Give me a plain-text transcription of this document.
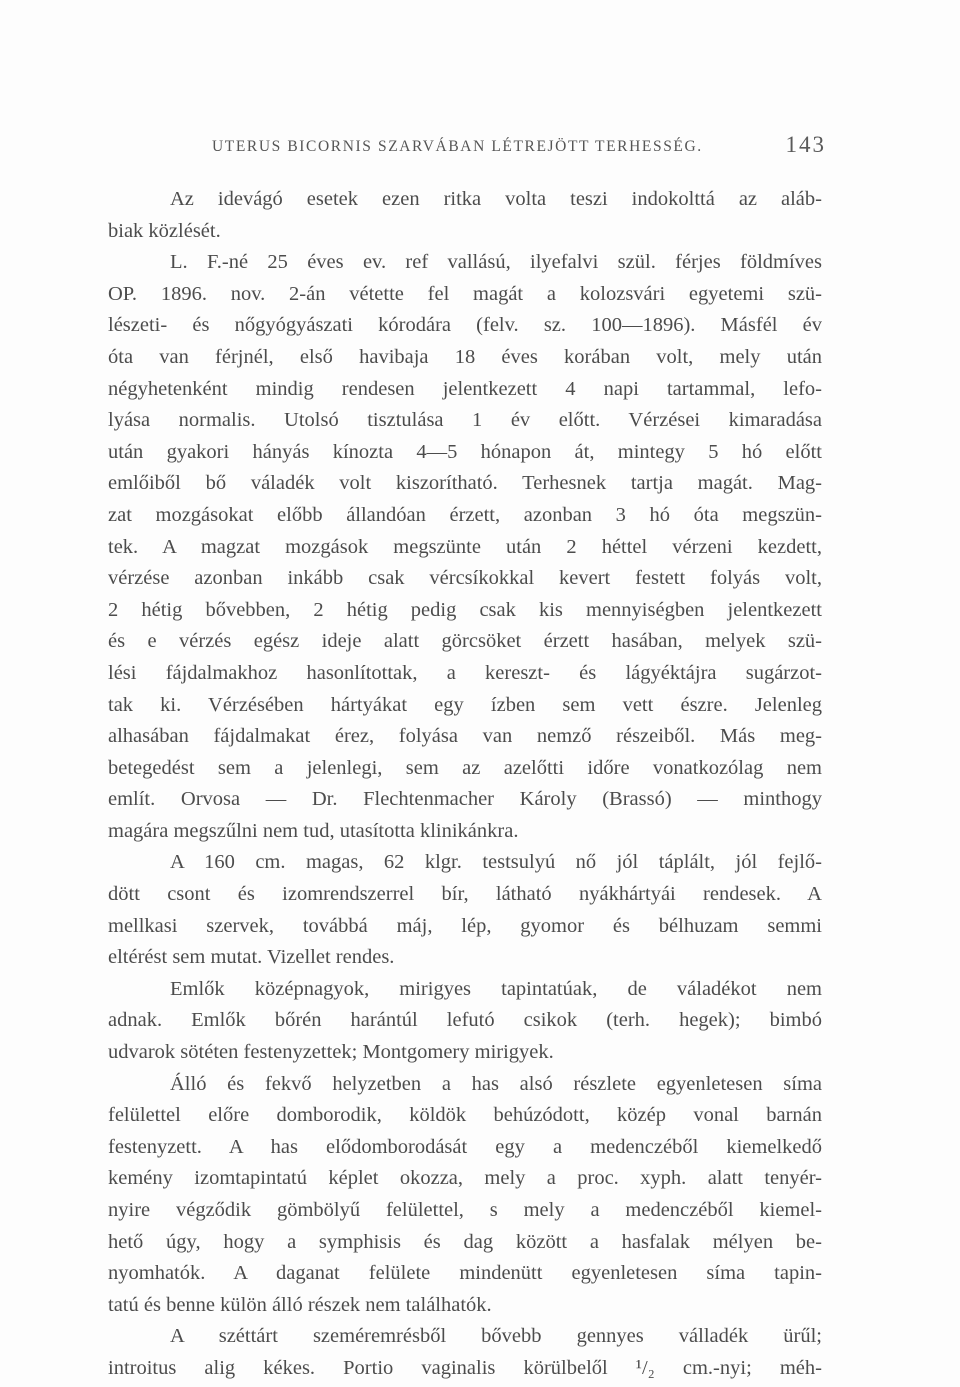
UTERUS BICORNIS SZARVÁBAN LÉTREJÖTT TERHESSÉG.	143
Az idevágó esetek ezen ritka volta teszi indokolttá az aláb-
biak közlését.
L. F.-né 25 éves ev. ref vallású, ilyefalvi szül. férjes földmíves
OP. 1896. nov. 2-án vétette fel magát a kolozsvári egyetemi szü-
lészeti- és nőgyógyászati kórodára (felv. sz. 100—1896). Másfél év
óta van férjnél, első havibaja 18 éves korában volt, mely után
négyhetenként mindig rendesen jelentkezett 4 napi tartammal, lefo-
lyása normalis. Utolsó tisztulása 1 év előtt. Vérzései kimaradása
után gyakori hányás kínozta 4—5 hónapon át, mintegy 5 hó előtt
emlőiből bő váladék volt kiszorítható. Terhesnek tartja magát. Mag-
zat mozgásokat előbb állandóan érzett, azonban 3 hó óta megszün-
tek. A magzat mozgások megszünte után 2 héttel vérzeni kezdett,
vérzése azonban inkább csak vércsíkokkal kevert festett folyás volt,
2 hétig bővebben, 2 hétig pedig csak kis mennyiségben jelentkezett
és e vérzés egész ideje alatt görcsöket érzett hasában, melyek szü-
lési fájdalmakhoz hasonlítottak, a kereszt- és lágyéktájra sugárzot-
tak ki. Vérzésében hártyákat egy ízben sem vett észre. Jelenleg
alhasában fájdalmakat érez, folyása van nemző részeiből. Más meg-
betegedést sem a jelenlegi, sem az azelőtti időre vonatkozólag nem
említ. Orvosa — Dr. Flechtenmacher Károly (Brassó) — minthogy
magára megszűlni nem tud, utasította klinikánkra.
A 160 cm. magas, 62 klgr. testsulyú nő jól táplált, jól fejlő-
dött csont és izomrendszerrel bír, látható nyákhártyái rendesek. A
mellkasi szervek, továbbá máj, lép, gyomor és bélhuzam semmi
eltérést sem mutat. Vizellet rendes.
Emlők középnagyok, mirigyes tapintatúak, de váladékot nem
adnak. Emlők bőrén harántúl lefutó csikok (terh. hegek); bimbó
udvarok sötéten festenyzettek; Montgomery mirigyek.
Álló és fekvő helyzetben a has alsó részlete egyenletesen síma
felülettel előre domborodik, köldök behúzódott, közép vonal barnán
festenyzett. A has elődomborodását egy a medenczéből kiemelkedő
kemény izomtapintatú képlet okozza, mely a proc. xyph. alatt tenyér-
nyire végződik gömbölyű felülettel, s mely a medenczéből kiemel-
hető úgy, hogy a symphisis és dag között a hasfalak mélyen be-
nyomhatók. A daganat felülete mindenütt egyenletesen síma tapin-
tatú és benne külön álló részek nem találhatók.
A széttárt szeméremrésből bővebb gennyes válladék ürűl;
introitus alig kékes. Portio vaginalis körülbelől ¹/₂ cm.-nyi; méh-
